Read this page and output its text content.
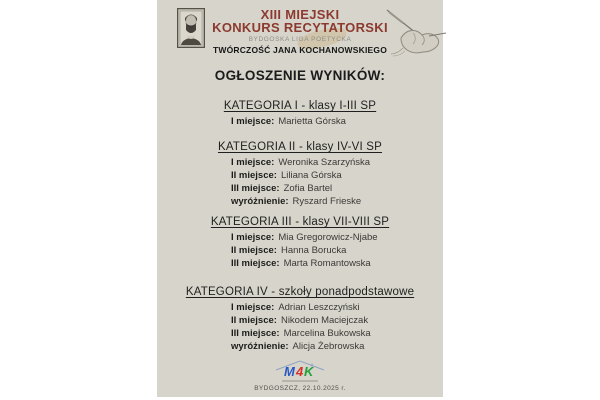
XIII MIEJSKI
KONKURS RECYTATORSKI
BYDGOSKA LIGA POETYCKA
TWÓRCZOŚĆ JANA KOCHANOWSKIEGO
OGŁOSZENIE WYNIKÓW:
KATEGORIA I - klasy I-III SP
I miejsce: Marietta Górska
KATEGORIA II - klasy IV-VI SP
I miejsce: Weronika Szarzyńska
II miejsce: Liliana Górska
III miejsce: Zofia Bartel
wyróżnienie: Ryszard Frieske
KATEGORIA III - klasy VII-VIII SP
I miejsce: Mia Gregorowicz-Njabe
II miejsce: Hanna Borucka
III miejsce: Marta Romantowska
KATEGORIA IV - szkoły ponadpodstawowe
I miejsce: Adrian Leszczyński
II miejsce: Nikodem Maciejczak
III miejsce: Marcelina Bukowska
wyróżnienie: Alicja Żebrowska
M 4 K
BYDGOSZCZ, 22.10.2025 r.
